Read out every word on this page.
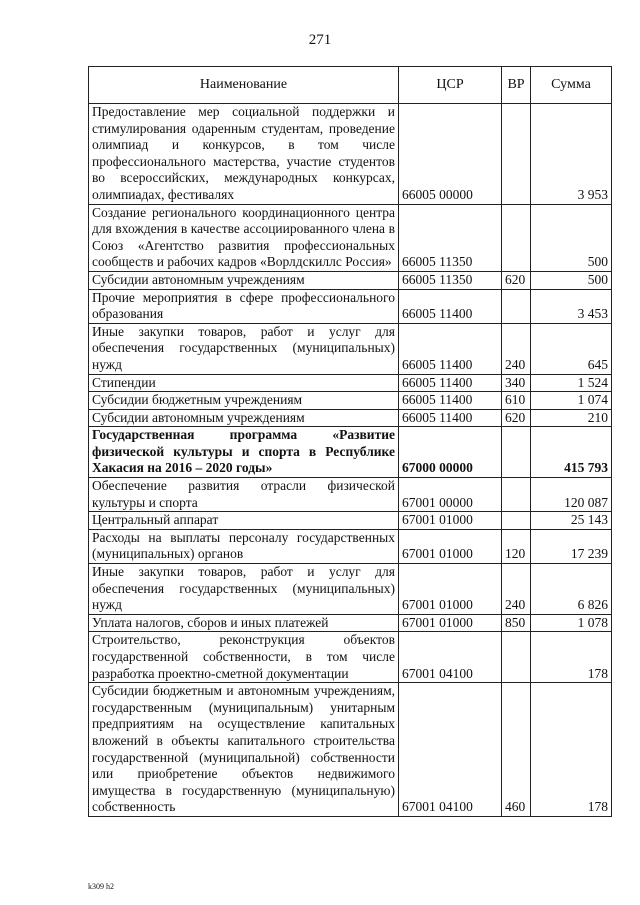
271
Наименование	ЦСР	ВР	Сумма
Предоставление мер социальной поддержки и стимулирования одаренным студентам, проведение олимпиад и конкурсов, в том числе профессионального мастерства, участие студентов во всероссийских, международных конкурсах, олимпиадах, фестивалях	66005 00000		3 953
Создание регионального координационного центра для вхождения в качестве ассоциированного члена в Союз «Агентство развития профессиональных сообществ и рабочих кадров «Ворлдскиллс Россия»	66005 11350		500
Субсидии автономным учреждениям	66005 11350	620	500
Прочие мероприятия в сфере профессионального образования	66005 11400		3 453
Иные закупки товаров, работ и услуг для обеспечения государственных (муниципальных) нужд	66005 11400	240	645
Стипендии	66005 11400	340	1 524
Субсидии бюджетным учреждениям	66005 11400	610	1 074
Субсидии автономным учреждениям	66005 11400	620	210
Государственная программа «Развитие физической культуры и спорта в Республике Хакасия на 2016 – 2020 годы»	67000 00000		415 793
Обеспечение развития отрасли физической культуры и спорта	67001 00000		120 087
Центральный аппарат	67001 01000		25 143
Расходы на выплаты персоналу государственных (муниципальных) органов	67001 01000	120	17 239
Иные закупки товаров, работ и услуг для обеспечения государственных (муниципальных) нужд	67001 01000	240	6 826
Уплата налогов, сборов и иных платежей	67001 01000	850	1 078
Строительство, реконструкция объектов государственной собственности, в том числе разработка проектно-сметной документации	67001 04100		178
Субсидии бюджетным и автономным учреждениям, государственным (муниципальным) унитарным предприятиям на осуществление капитальных вложений в объекты капитального строительства государственной (муниципальной) собственности или приобретение объектов недвижимого имущества в государственную (муниципальную) собственность	67001 04100	460	178
k309 h2
